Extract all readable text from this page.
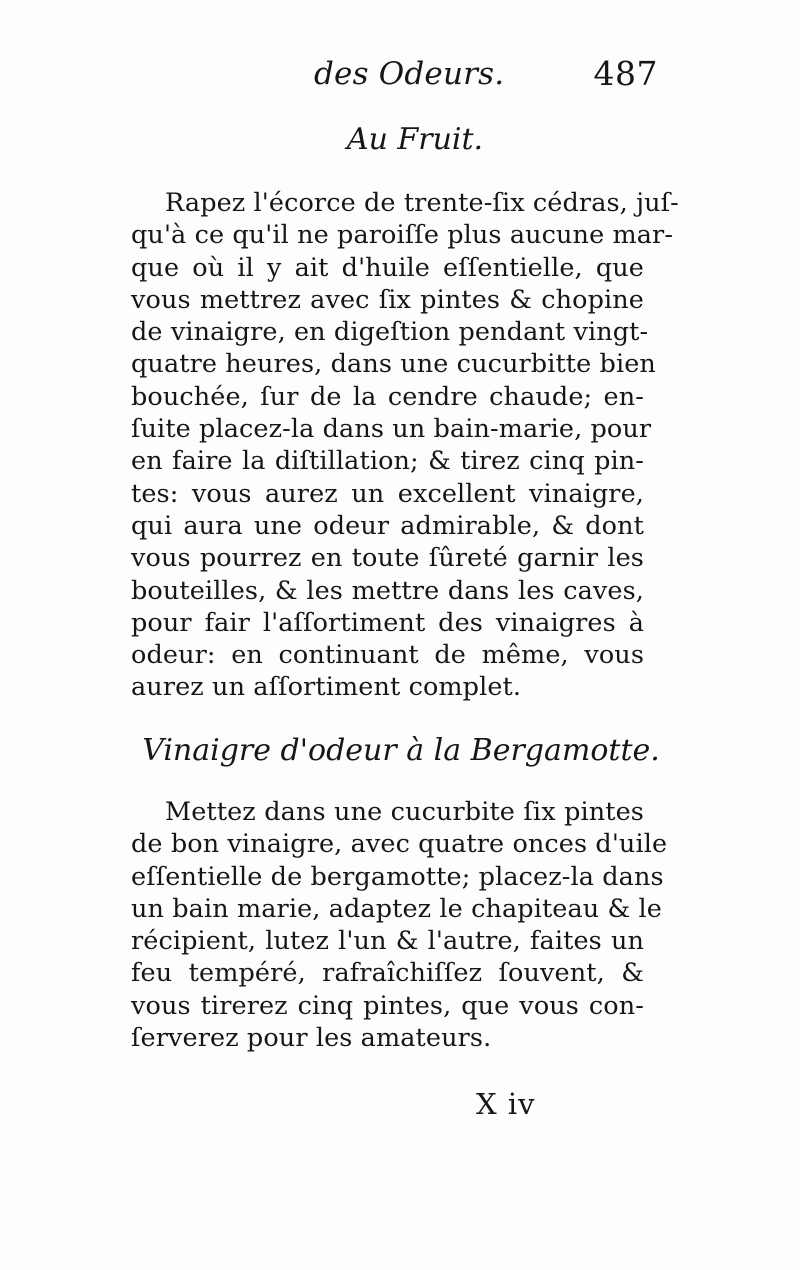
des Odeurs.	487
Au Fruit.
Rapez l'écorce de trente-ſix cédras, juſ-
qu'à ce qu'il ne paroiſſe plus aucune mar-
que où il y ait d'huile eſſentielle, que
vous mettrez avec ſix pintes & chopine
de vinaigre, en digeſtion pendant vingt-
quatre heures, dans une cucurbitte bien
bouchée, ſur de la cendre chaude; en-
ſuite placez-la dans un bain-marie, pour
en faire la diſtillation; & tirez cinq pin-
tes: vous aurez un excellent vinaigre,
qui aura une odeur admirable, & dont
vous pourrez en toute ſûreté garnir les
bouteilles, & les mettre dans les caves,
pour fair l'aſſortiment des vinaigres à
odeur: en continuant de même, vous
aurez un aſſortiment complet.
Vinaigre d'odeur à la Bergamotte.
Mettez dans une cucurbite ſix pintes
de bon vinaigre, avec quatre onces d'uile
eſſentielle de bergamotte; placez-la dans
un bain marie, adaptez le chapiteau & le
récipient, lutez l'un & l'autre, faites un
feu tempéré, rafraîchiſſez ſouvent, &
vous tirerez cinq pintes, que vous con-
ſerverez pour les amateurs.
X iv
